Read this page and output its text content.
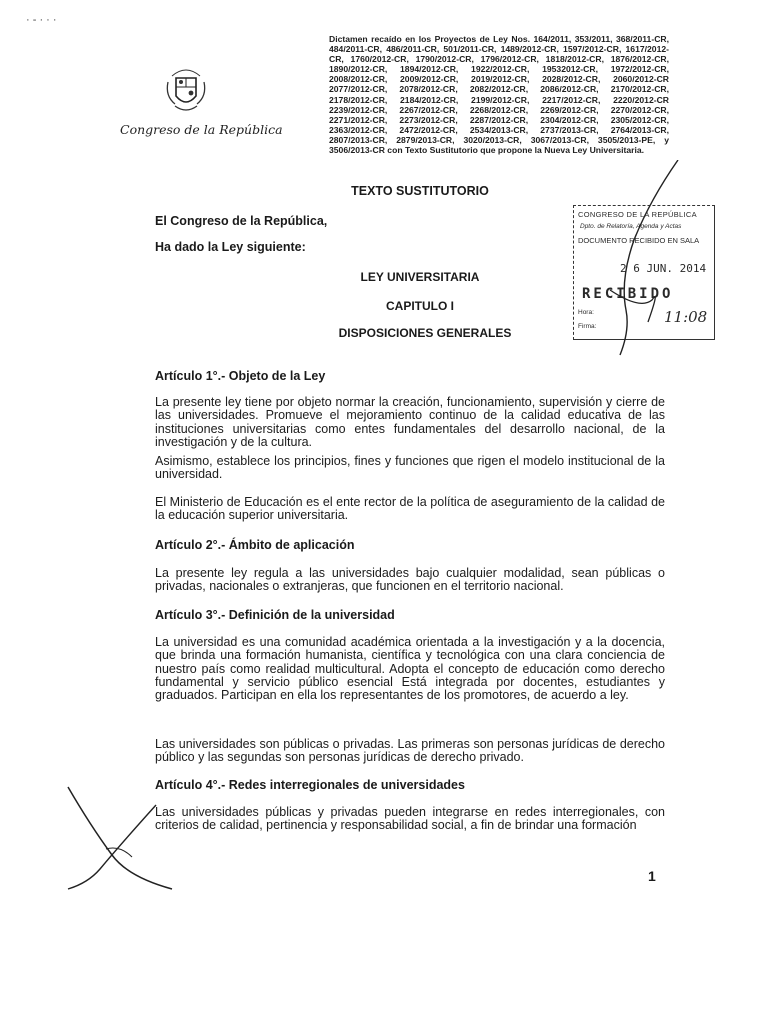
· - · · ·
Congreso de la República
Dictamen recaído en los Proyectos de Ley Nos. 164/2011, 353/2011, 368/2011-CR, 484/2011-CR, 486/2011-CR, 501/2011-CR, 1489/2012-CR, 1597/2012-CR, 1617/2012-CR, 1760/2012-CR, 1790/2012-CR, 1796/2012-CR, 1818/2012-CR, 1876/2012-CR, 1890/2012-CR, 1894/2012-CR, 1922/2012-CR, 19532012-CR, 1972/2012-CR, 2008/2012-CR, 2009/2012-CR, 2019/2012-CR, 2028/2012-CR, 2060/2012-CR 2077/2012-CR, 2078/2012-CR, 2082/2012-CR, 2086/2012-CR, 2170/2012-CR, 2178/2012-CR, 2184/2012-CR, 2199/2012-CR, 2217/2012-CR, 2220/2012-CR 2239/2012-CR, 2267/2012-CR, 2268/2012-CR, 2269/2012-CR, 2270/2012-CR, 2271/2012-CR, 2273/2012-CR, 2287/2012-CR, 2304/2012-CR, 2305/2012-CR, 2363/2012-CR, 2472/2012-CR, 2534/2013-CR, 2737/2013-CR, 2764/2013-CR, 2807/2013-CR, 2879/2013-CR, 3020/2013-CR, 3067/2013-CR, 3505/2013-PE, y 3506/2013-CR con Texto Sustitutorio que propone la Nueva Ley Universitaria.
TEXTO SUSTITUTORIO
El Congreso de la República,
Ha dado la Ley siguiente:
LEY UNIVERSITARIA
CAPITULO I
DISPOSICIONES GENERALES
CONGRESO DE LA REPÚBLICA
Dpto. de Relatoría, Agenda y Actas
DOCUMENTO RECIBIDO EN SALA
2 6 JUN. 2014
RECIBIDO
Hora:
Firma:
11:08
Artículo 1°.- Objeto de la Ley
La presente ley tiene por objeto normar la creación, funcionamiento, supervisión y cierre de las universidades. Promueve el mejoramiento continuo de la calidad educativa de las instituciones universitarias como entes fundamentales del desarrollo nacional, de la investigación y de la cultura.
Asimismo, establece los principios, fines y funciones que rigen el modelo institucional de la universidad.
El Ministerio de Educación es el ente rector de la política de aseguramiento de la calidad de la educación superior universitaria.
Artículo 2°.- Ámbito de aplicación
La presente ley regula a las universidades bajo cualquier modalidad, sean públicas o privadas, nacionales o extranjeras, que funcionen en el territorio nacional.
Artículo 3°.- Definición de la universidad
La universidad es una comunidad académica orientada a la investigación y a la docencia, que brinda una formación humanista, científica y tecnológica con una clara conciencia de nuestro país como realidad multicultural. Adopta el concepto de educación como derecho fundamental y servicio público esencial Está integrada por docentes, estudiantes y graduados. Participan en ella los representantes de los promotores, de acuerdo a ley.
Las universidades son públicas o privadas. Las primeras son personas jurídicas de derecho público y las segundas son personas jurídicas de derecho privado.
Artículo 4°.- Redes interregionales de universidades
Las universidades públicas y privadas pueden integrarse en redes interregionales, con criterios de calidad, pertinencia y responsabilidad social, a fin de brindar una formación
1
